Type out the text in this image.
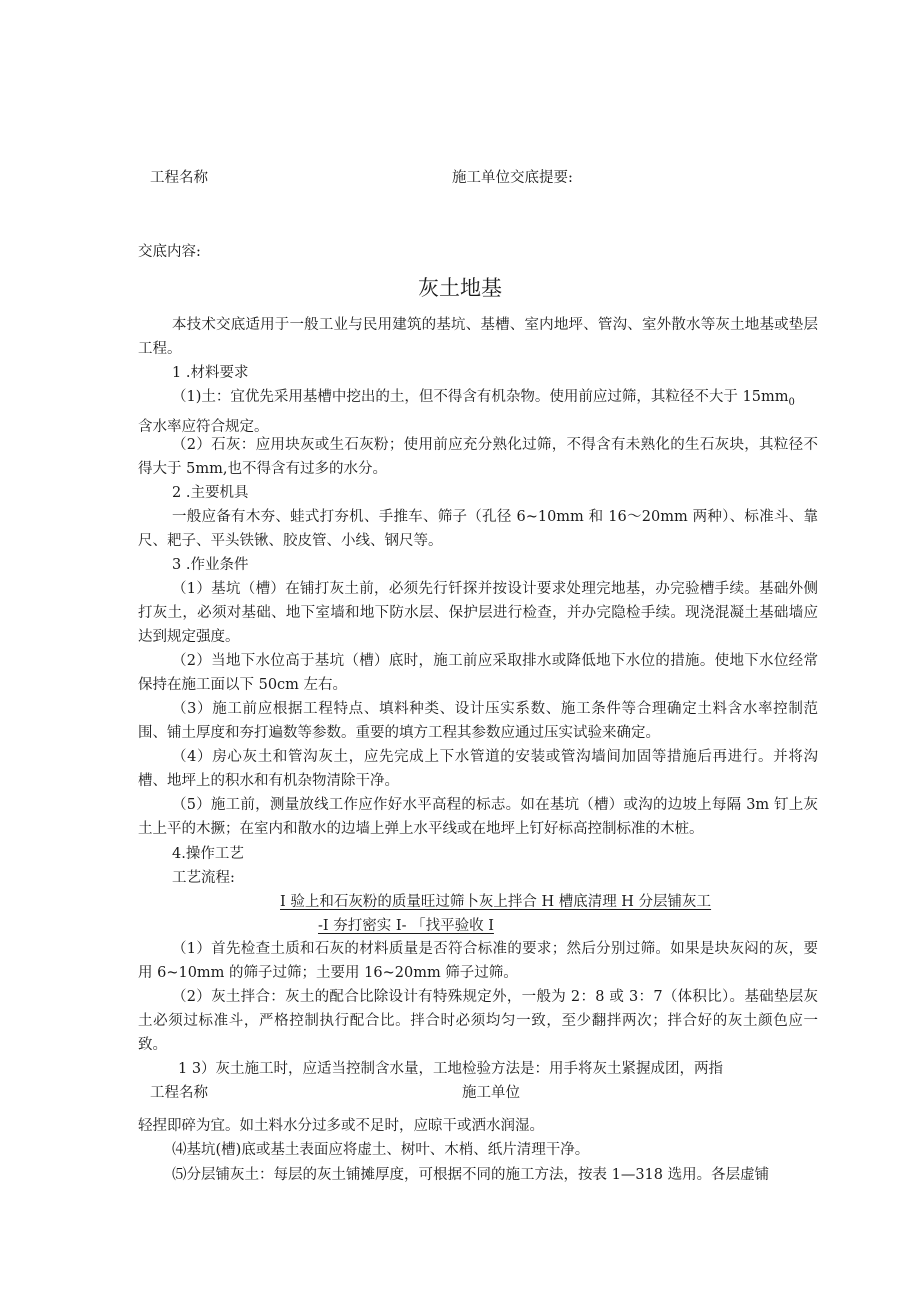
工程名称	施工单位交底提要:
交底内容:
灰土地基
本技术交底适用于一般工业与民用建筑的基坑、基槽、室内地坪、管沟、室外散水等灰土地基或垫层工程。
1 .材料要求
（1)土：宜优先采用基槽中挖出的土，但不得含有机杂物。使用前应过筛，其粒径不大于 $15mm_0$
含水率应符合规定。
（2）石灰：应用块灰或生石灰粉；使用前应充分熟化过筛，不得含有未熟化的生石灰块，其粒径不得大于 5mm,也不得含有过多的水分。
2 .主要机具
一般应备有木夯、蛙式打夯机、手推车、筛子（孔径 6~10mm 和 16～20mm 两种）、标准斗、靠尺、耙子、平头铁锹、胶皮管、小线、钢尺等。
3 .作业条件
（1）基坑（槽）在铺打灰土前，必须先行钎探并按设计要求处理完地基，办完验槽手续。基础外侧打灰土，必须对基础、地下室墙和地下防水层、保护层进行检查，并办完隐检手续。现浇混凝土基础墙应达到规定强度。
（2）当地下水位高于基坑（槽）底时，施工前应采取排水或降低地下水位的措施。使地下水位经常保持在施工面以下 50cm 左右。
（3）施工前应根据工程特点、填料种类、设计压实系数、施工条件等合理确定土料含水率控制范围、铺土厚度和夯打遍数等参数。重要的填方工程其参数应通过压实试验来确定。
（4）房心灰土和管沟灰土，应先完成上下水管道的安装或管沟墙间加固等措施后再进行。并将沟槽、地坪上的积水和有机杂物清除干净。
（5）施工前，测量放线工作应作好水平高程的标志。如在基坑（槽）或沟的边坡上每隔 3m 钉上灰土上平的木撅；在室内和散水的边墙上弹上水平线或在地坪上钉好标高控制标准的木桩。
4.操作工艺
工艺流程:
I 验上和石灰粉的质量旺过筛卜灰上拌合 H 槽底清理 H 分层铺灰工
-I 夯打密实 I- 「找平验收 I
（1）首先检查土质和石灰的材料质量是否符合标准的要求；然后分别过筛。如果是块灰闷的灰，要用 6~10mm 的筛子过筛；土要用 16~20mm 筛子过筛。
（2）灰土拌合：灰土的配合比除设计有特殊规定外，一般为 2：8 或 3：7（体积比）。基础垫层灰土必须过标准斗，严格控制执行配合比。拌合时必须均匀一致，至少翻拌两次；拌合好的灰土颜色应一致。
1 3）灰土施工时，应适当控制含水量，工地检验方法是：用手将灰土紧握成团，两指
工程名称	施工单位
轻捏即碎为宜。如土料水分过多或不足时，应晾干或洒水润湿。
⑷基坑(槽)底或基土表面应将虚土、树叶、木梢、纸片清理干净。
⑸分层铺灰土：每层的灰土铺摊厚度，可根据不同的施工方法，按表 1—318 选用。各层虚铺
